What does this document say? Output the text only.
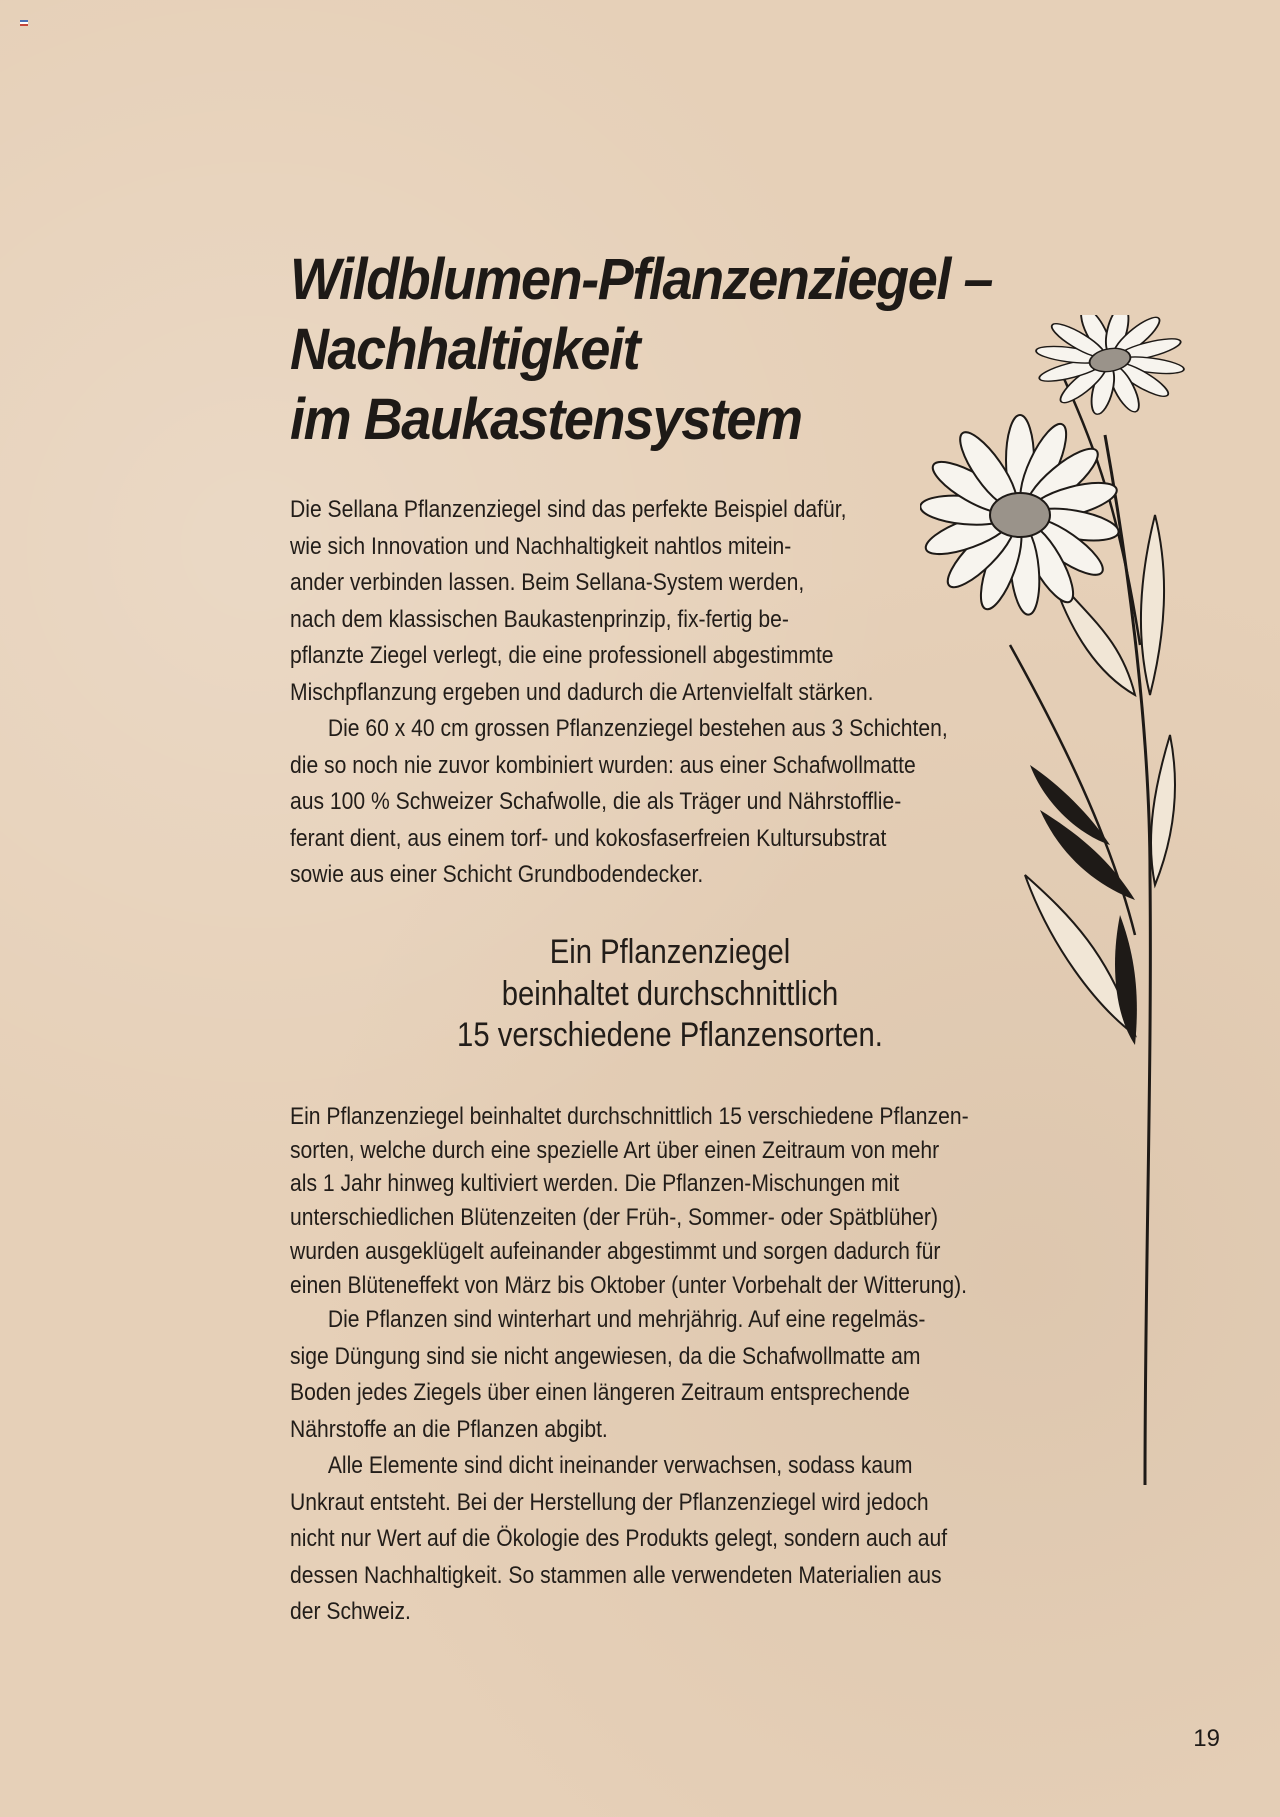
Wildblumen-Pflanzenziegel –
Nachhaltigkeit
im Baukastensystem
Die Sellana Pflanzenziegel sind das perfekte Beispiel dafür,
wie sich Innovation und Nachhaltigkeit nahtlos mitein-
ander verbinden lassen. Beim Sellana-System werden,
nach dem klassischen Baukastenprinzip, fix-fertig be-
pflanzte Ziegel verlegt, die eine professionell abgestimmte
Mischpflanzung ergeben und dadurch die Artenvielfalt stärken.
Die 60 x 40 cm grossen Pflanzenziegel bestehen aus 3 Schichten,
die so noch nie zuvor kombiniert wurden: aus einer Schafwollmatte
aus 100 % Schweizer Schafwolle, die als Träger und Nährstofflie-
ferant dient, aus einem torf- und kokosfaserfreien Kultursubstrat
sowie aus einer Schicht Grundbodendecker.
Ein Pflanzenziegel
beinhaltet durchschnittlich
15 verschiedene Pflanzensorten.
Ein Pflanzenziegel beinhaltet durchschnittlich 15 verschiedene Pflanzen-
sorten, welche durch eine spezielle Art über einen Zeitraum von mehr
als 1 Jahr hinweg kultiviert werden. Die Pflanzen-Mischungen mit
unterschiedlichen Blütenzeiten (der Früh-, Sommer- oder Spätblüher)
wurden ausgeklügelt aufeinander abgestimmt und sorgen dadurch für
einen Blüteneffekt von März bis Oktober (unter Vorbehalt der Witterung).
Die Pflanzen sind winterhart und mehrjährig. Auf eine regelmäs-
sige Düngung sind sie nicht angewiesen, da die Schafwollmatte am
Boden jedes Ziegels über einen längeren Zeitraum entsprechende
Nährstoffe an die Pflanzen abgibt.
Alle Elemente sind dicht ineinander verwachsen, sodass kaum
Unkraut entsteht. Bei der Herstellung der Pflanzenziegel wird jedoch
nicht nur Wert auf die Ökologie des Produkts gelegt, sondern auch auf
dessen Nachhaltigkeit. So stammen alle verwendeten Materialien aus
der Schweiz.
19
